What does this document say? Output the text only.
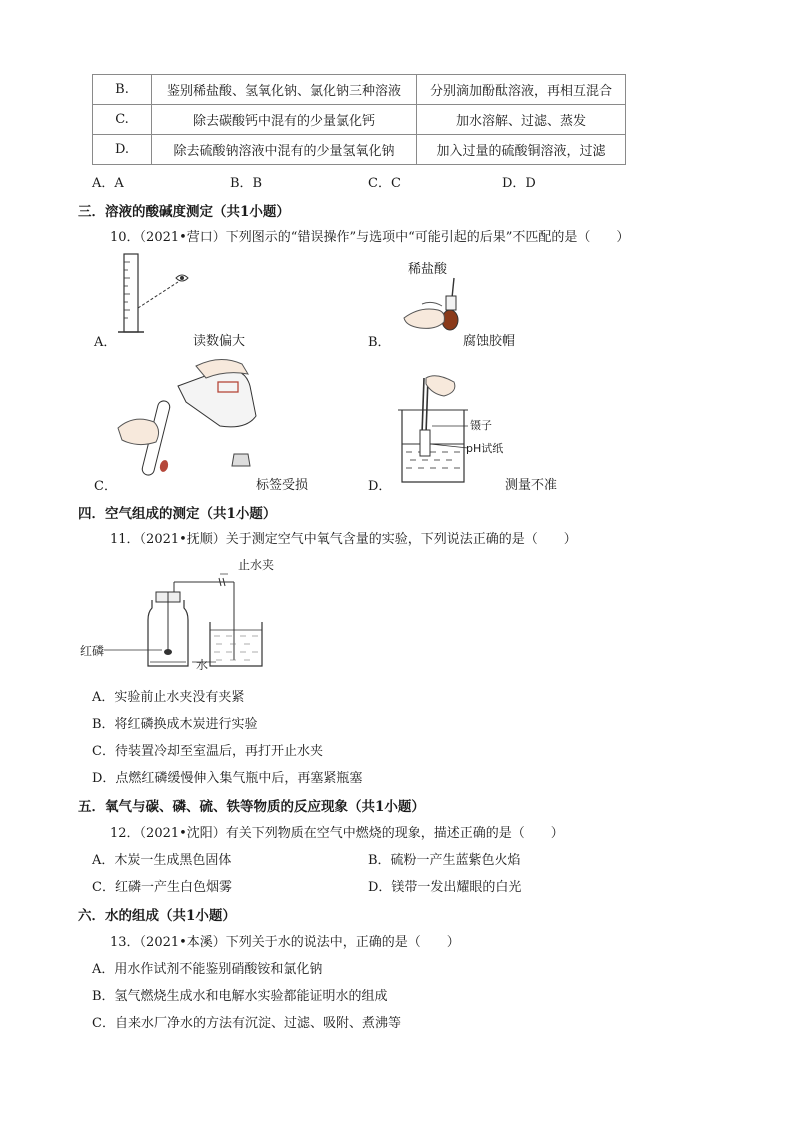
B.	鉴别稀盐酸、氢氧化钠、氯化钠三种溶液	分别滴加酚酞溶液，再相互混合
C.	除去碳酸钙中混有的少量氯化钙	加水溶解、过滤、蒸发
D.	除去硫酸钠溶液中混有的少量氢氧化钠	加入过量的硫酸铜溶液，过滤
A．A	B．B	C．C	D．D
三．溶液的酸碱度测定（共1小题）
10．（2021•营口）下列图示的“错误操作”与选项中“可能引起的后果”不匹配的是（　　）
A．	读数偏大
稀盐酸
B．	腐蚀胶帽
C．	标签受损
镊子
pH试纸
D．	测量不准
四．空气组成的测定（共1小题）
11．（2021•抚顺）关于测定空气中氧气含量的实验，下列说法正确的是（　　）
止水夹
红磷
水
A．实验前止水夹没有夹紧
B．将红磷换成木炭进行实验
C．待装置冷却至室温后，再打开止水夹
D．点燃红磷缓慢伸入集气瓶中后，再塞紧瓶塞
五．氧气与碳、磷、硫、铁等物质的反应现象（共1小题）
12．（2021•沈阳）有关下列物质在空气中燃烧的现象，描述正确的是（　　）
A．木炭一生成黑色固体	B．硫粉一产生蓝紫色火焰
C．红磷一产生白色烟雾	D．镁带一发出耀眼的白光
六．水的组成（共1小题）
13．（2021•本溪）下列关于水的说法中，正确的是（　　）
A．用水作试剂不能鉴别硝酸铵和氯化钠
B．氢气燃烧生成水和电解水实验都能证明水的组成
C．自来水厂净水的方法有沉淀、过滤、吸附、煮沸等
